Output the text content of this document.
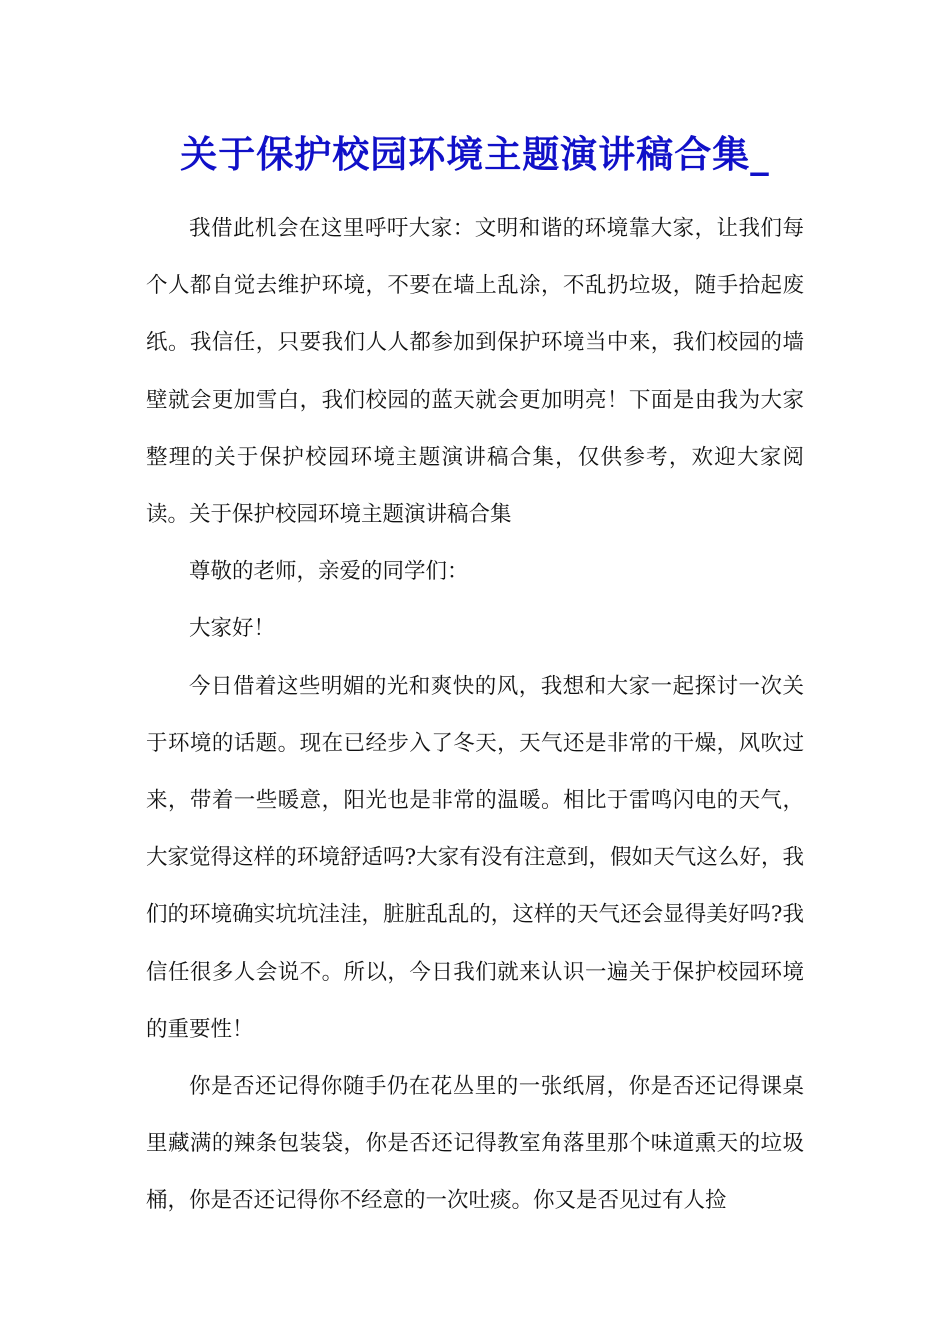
关于保护校园环境主题演讲稿合集_

我借此机会在这里呼吁大家：文明和谐的环境靠大家，让我们每个人都自觉去维护环境，不要在墙上乱涂，不乱扔垃圾，随手拾起废纸。我信任，只要我们人人都参加到保护环境当中来，我们校园的墙壁就会更加雪白，我们校园的蓝天就会更加明亮！下面是由我为大家整理的关于保护校园环境主题演讲稿合集，仅供参考，欢迎大家阅读。关于保护校园环境主题演讲稿合集

尊敬的老师，亲爱的同学们：

大家好！

今日借着这些明媚的光和爽快的风，我想和大家一起探讨一次关于环境的话题。现在已经步入了冬天，天气还是非常的干燥，风吹过来，带着一些暖意，阳光也是非常的温暖。相比于雷鸣闪电的天气，大家觉得这样的环境舒适吗?大家有没有注意到，假如天气这么好，我们的环境确实坑坑洼洼，脏脏乱乱的，这样的天气还会显得美好吗?我信任很多人会说不。所以，今日我们就来认识一遍关于保护校园环境的重要性！

你是否还记得你随手仍在花丛里的一张纸屑，你是否还记得课桌里藏满的辣条包装袋，你是否还记得教室角落里那个味道熏天的垃圾桶，你是否还记得你不经意的一次吐痰。你又是否见过有人捡
